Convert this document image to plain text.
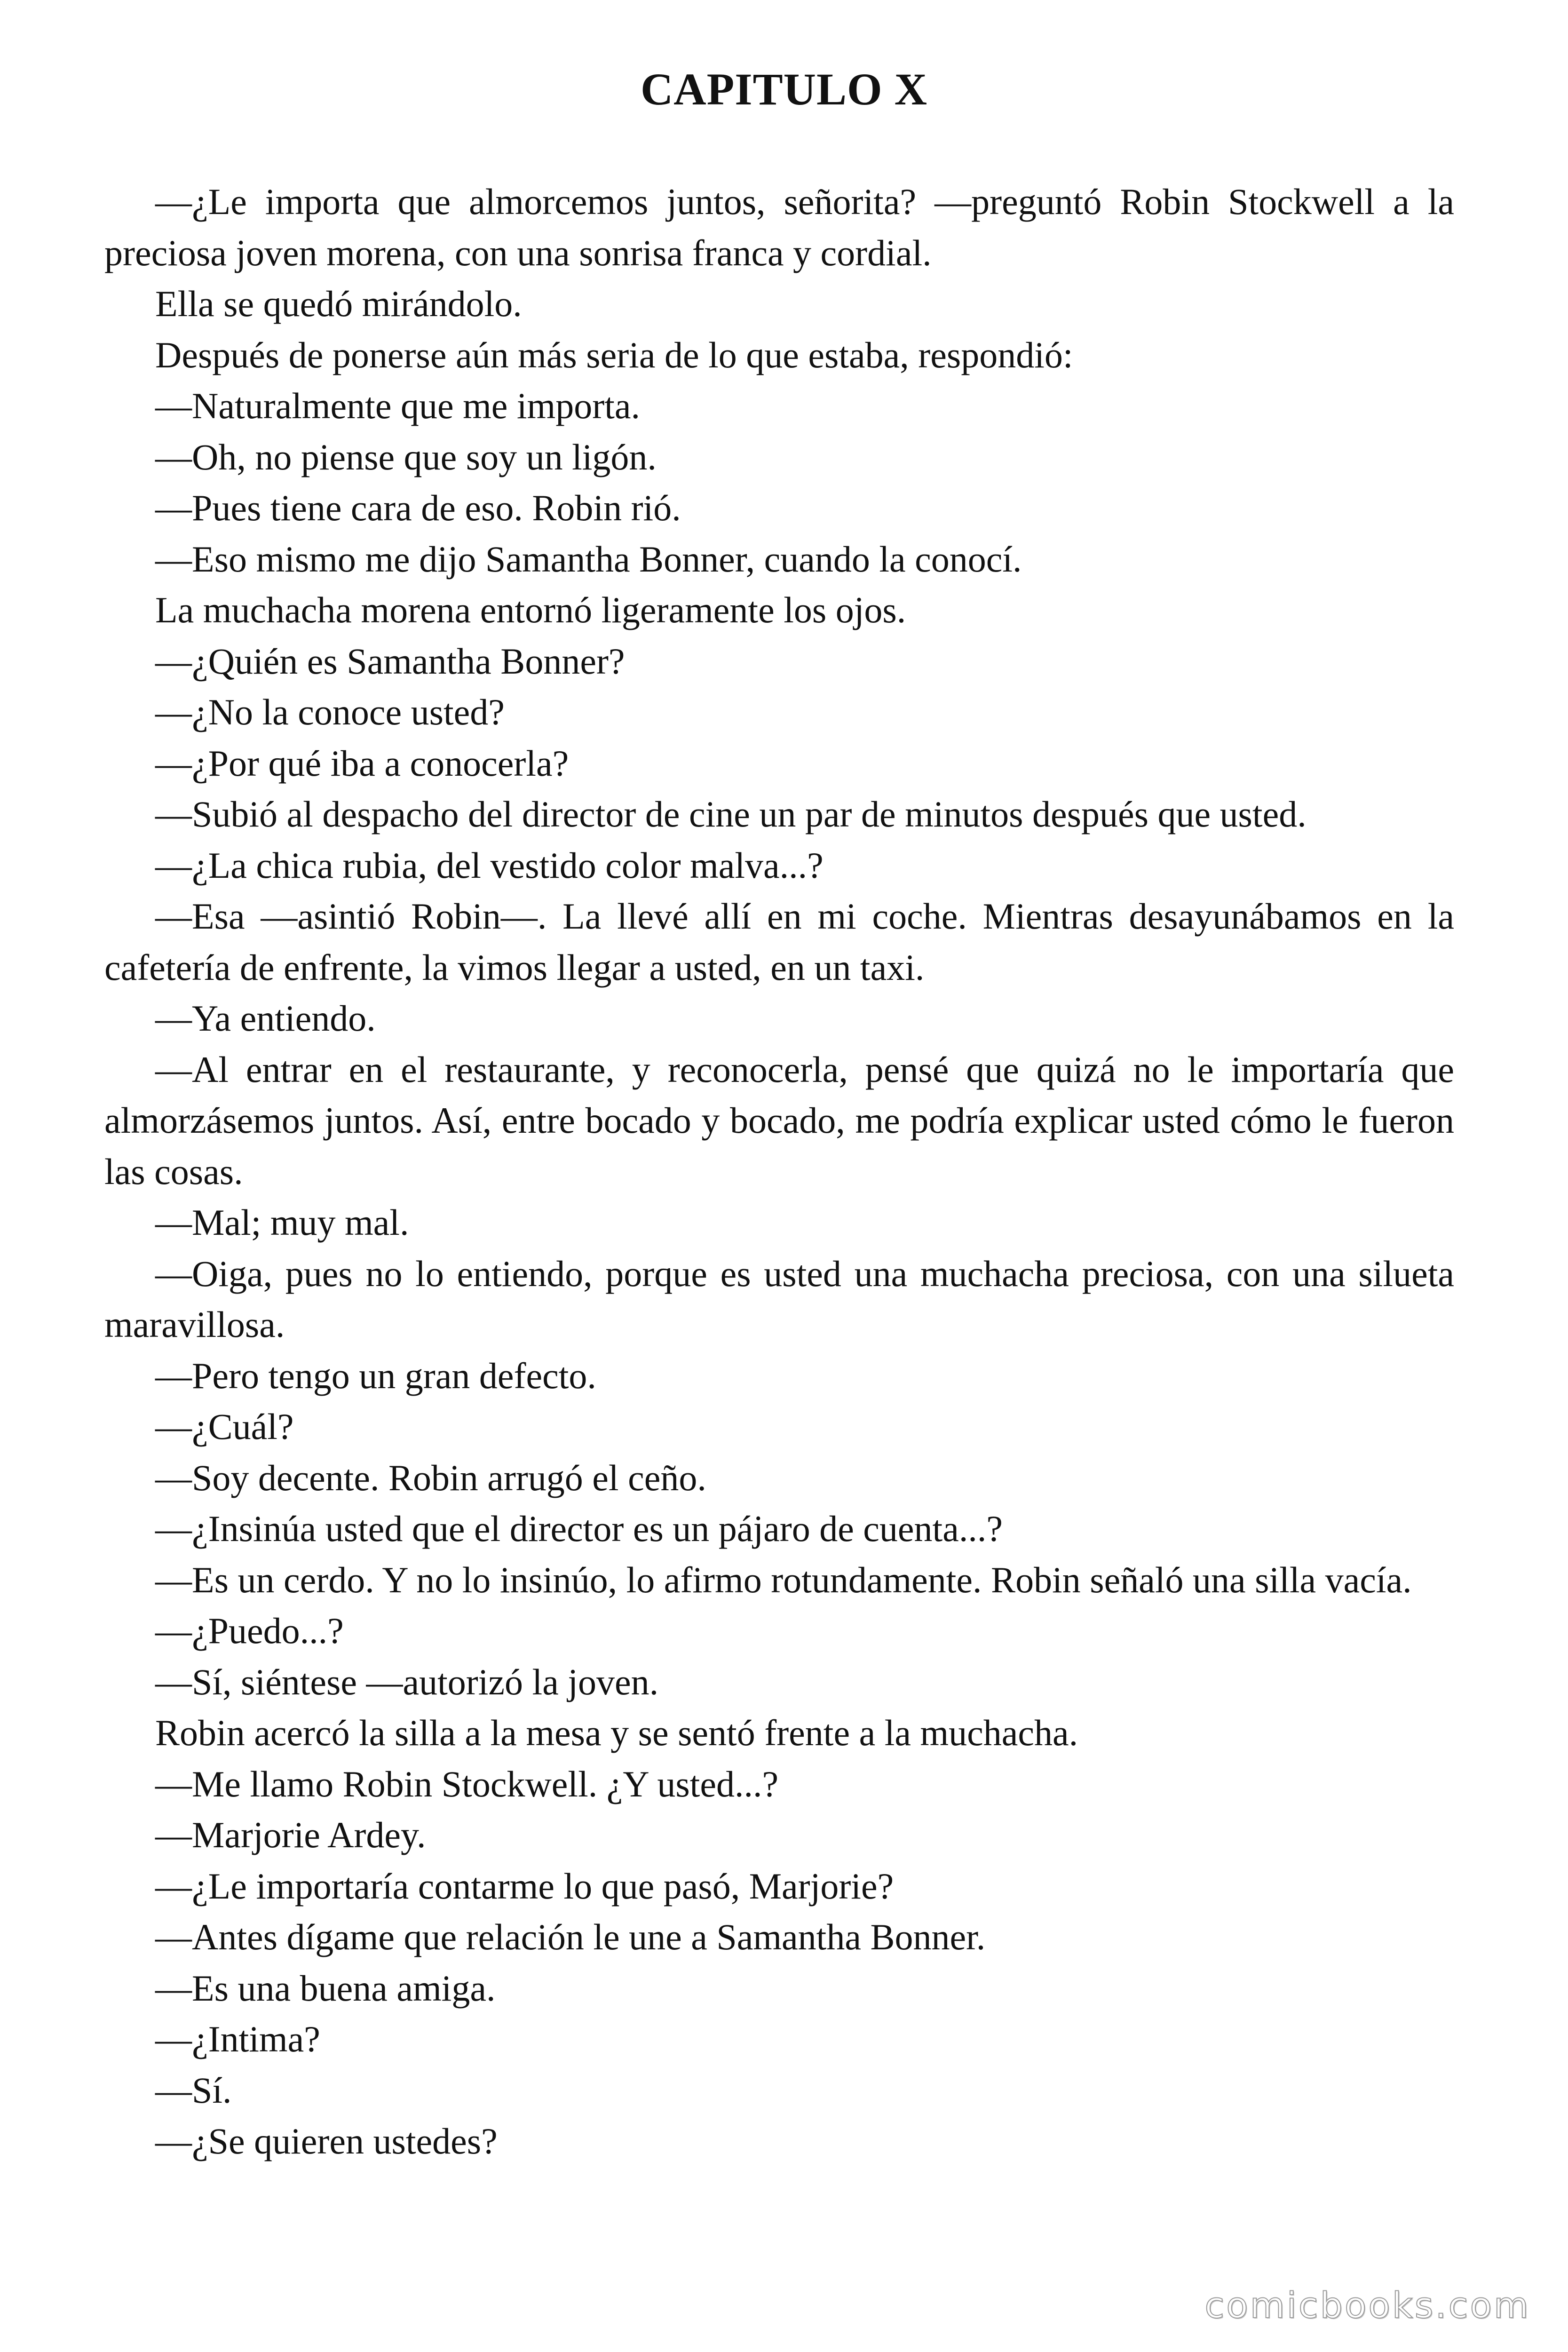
CAPITULO X

—¿Le importa que almorcemos juntos, señorita? —preguntó Robin Stockwell a la preciosa joven morena, con una sonrisa franca y cordial.

Ella se quedó mirándolo.

Después de ponerse aún más seria de lo que estaba, respondió:

—Naturalmente que me importa.

—Oh, no piense que soy un ligón.

—Pues tiene cara de eso. Robin rió.

—Eso mismo me dijo Samantha Bonner, cuando la conocí.

La muchacha morena entornó ligeramente los ojos.

—¿Quién es Samantha Bonner?

—¿No la conoce usted?

—¿Por qué iba a conocerla?

—Subió al despacho del director de cine un par de minutos después que usted.

—¿La chica rubia, del vestido color malva...?

—Esa —asintió Robin—. La llevé allí en mi coche. Mientras desayunábamos en la cafetería de enfrente, la vimos llegar a usted, en un taxi.

—Ya entiendo.

—Al entrar en el restaurante, y reconocerla, pensé que quizá no le importaría que almorzásemos juntos. Así, entre bocado y bocado, me podría explicar usted cómo le fueron las cosas.

—Mal; muy mal.

—Oiga, pues no lo entiendo, porque es usted una muchacha preciosa, con una silueta maravillosa.

—Pero tengo un gran defecto.

—¿Cuál?

—Soy decente. Robin arrugó el ceño.

—¿Insinúa usted que el director es un pájaro de cuenta...?

—Es un cerdo. Y no lo insinúo, lo afirmo rotundamente. Robin señaló una silla vacía.

—¿Puedo...?

—Sí, siéntese —autorizó la joven.

Robin acercó la silla a la mesa y se sentó frente a la muchacha.

—Me llamo Robin Stockwell. ¿Y usted...?

—Marjorie Ardey.

—¿Le importaría contarme lo que pasó, Marjorie?

—Antes dígame que relación le une a Samantha Bonner.

—Es una buena amiga.

—¿Intima?

—Sí.

—¿Se quieren ustedes?

comicbooks.com
